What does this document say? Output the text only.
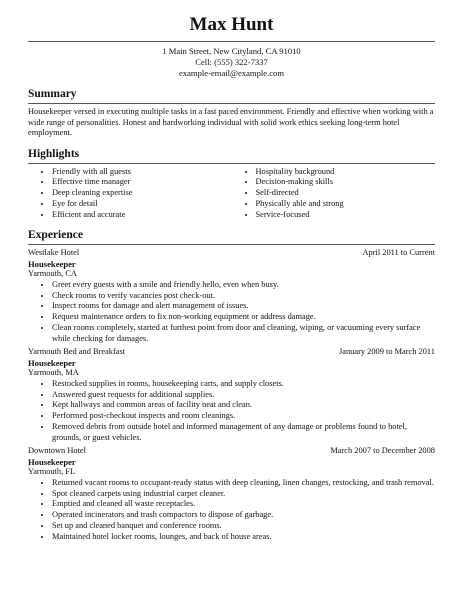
Max Hunt
1 Main Street, New Cityland, CA 91010
Cell: (555) 322-7337
example-email@example.com
Summary
Housekeeper versed in executing multiple tasks in a fast paced environment. Friendly and effective when working with a wide range of personalities. Honest and hardworking individual with solid work ethics seeking long-term hotel employment.
Highlights
• Friendly with all guests
• Effective time manager
• Deep cleaning expertise
• Eye for detail
• Efficient and accurate
• Hospitality background
• Decision-making skills
• Self-directed
• Physically able and strong
• Service-focused
Experience
Westlake Hotel	April 2011 to Current
Housekeeper
Yarmouth, CA
• Greet every guests with a smile and friendly hello, even when busy.
• Check rooms to verify vacancies post check-out.
• Inspect rooms for damage and alert management of issues.
• Request maintenance orders to fix non-working equipment or address damage.
• Clean rooms completely, started at furthest point from door and cleaning, wiping, or vacuuming every surface while checking for damages.
Yarmouth Bed and Breakfast	January 2009 to March 2011
Housekeeper
Yarmouth, MA
• Restocked supplies in rooms, housekeeping carts, and supply closets.
• Answered guest requests for additional supplies.
• Kept hallways and common areas of facility neat and clean.
• Performed post-checkout inspects and room cleanings.
• Removed debris from outside hotel and informed management of any damage or problems found to hotel, grounds, or guest vehicles.
Downtown Hotel	March 2007 to December 2008
Housekeeper
Yarmouth, FL
• Returned vacant rooms to occupant-ready status with deep cleaning, linen changes, restocking, and trash removal.
• Spot cleaned carpets using industrial carpet cleaner.
• Emptied and cleaned all waste receptacles.
• Operated incinerators and trash compactors to dispose of garbage.
• Set up and cleaned banquet and conference rooms.
• Maintained hotel locker rooms, lounges, and back of house areas.
